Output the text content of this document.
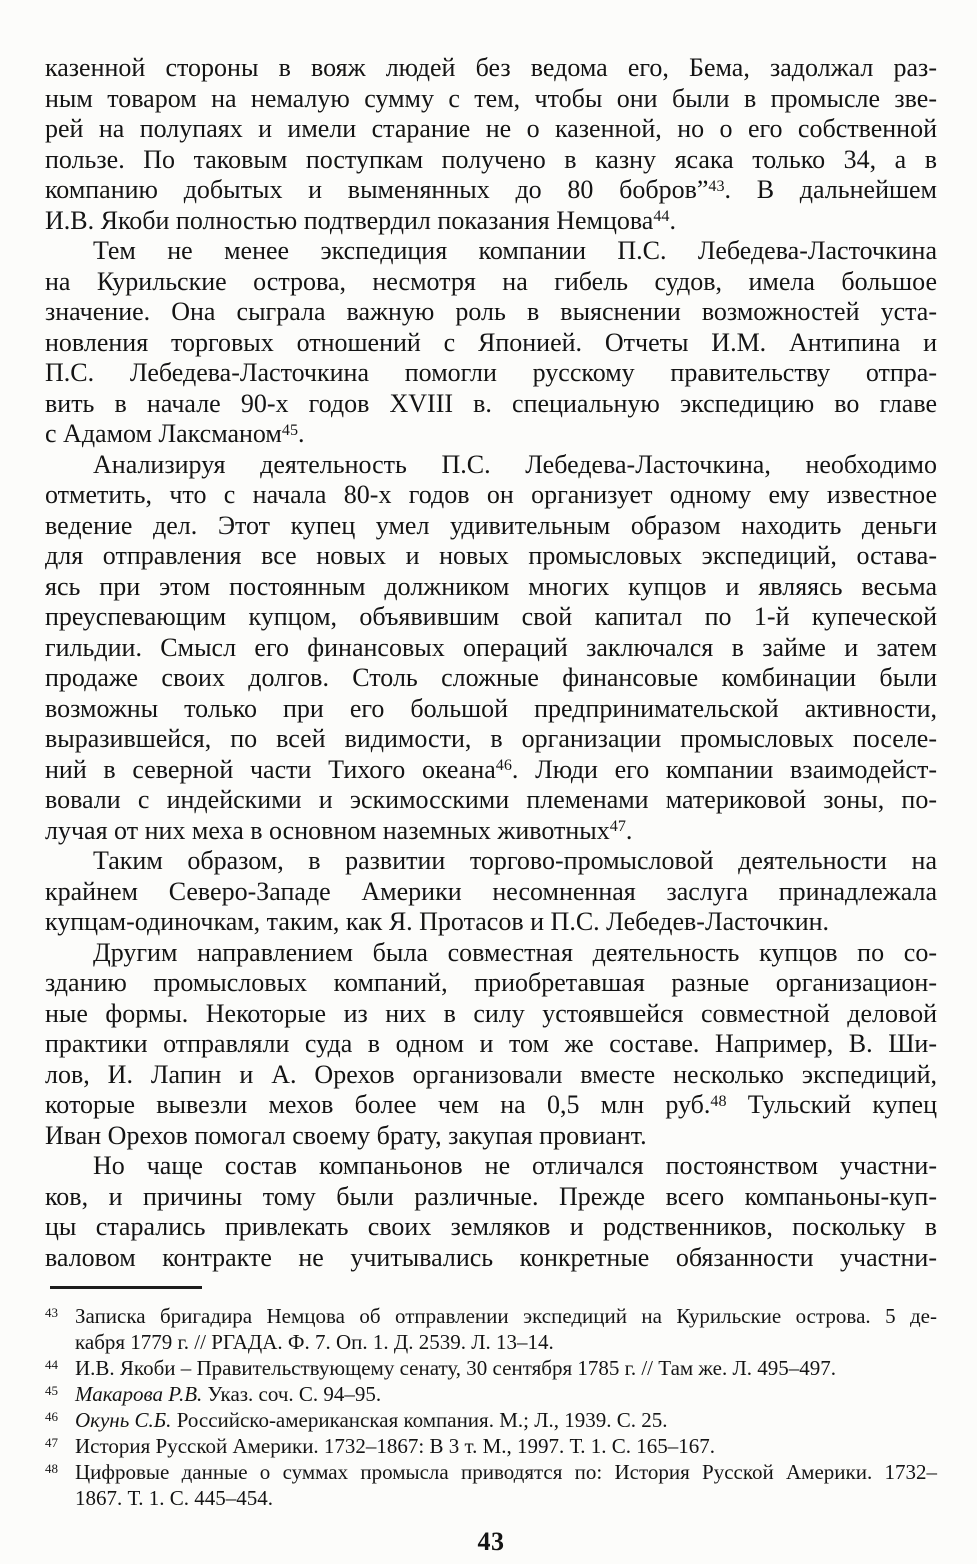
казенной стороны в вояж людей без ведома его, Бема, задолжал раз-
ным товаром на немалую сумму с тем, чтобы они были в промысле зве-
рей на полупаях и имели старание не о казенной, но о его собственной
пользе. По таковым поступкам получено в казну ясака только 34, а в
компанию добытых и выменянных до 80 бобров”$^{43}$. В дальнейшем
И.В. Якоби полностью подтвердил показания Немцова$^{44}$.
Тем не менее экспедиция компании П.С. Лебедева-Ласточкина
на Курильские острова, несмотря на гибель судов, имела большое
значение. Она сыграла важную роль в выяснении возможностей уста-
новления торговых отношений с Японией. Отчеты И.М. Антипина и
П.С. Лебедева-Ласточкина помогли русскому правительству отпра-
вить в начале 90-х годов XVIII в. специальную экспедицию во главе
с Адамом Лаксманом$^{45}$.
Анализируя деятельность П.С. Лебедева-Ласточкина, необходимо
отметить, что с начала 80-х годов он организует одному ему известное
ведение дел. Этот купец умел удивительным образом находить деньги
для отправления все новых и новых промысловых экспедиций, остава-
ясь при этом постоянным должником многих купцов и являясь весьма
преуспевающим купцом, объявившим свой капитал по 1-й купеческой
гильдии. Смысл его финансовых операций заключался в займе и затем
продаже своих долгов. Столь сложные финансовые комбинации были
возможны только при его большой предпринимательской активности,
выразившейся, по всей видимости, в организации промысловых поселе-
ний в северной части Тихого океана$^{46}$. Люди его компании взаимодейст-
вовали с индейскими и эскимосскими племенами материковой зоны, по-
лучая от них меха в основном наземных животных$^{47}$.
Таким образом, в развитии торгово-промысловой деятельности на
крайнем Северо-Западе Америки несомненная заслуга принадлежала
купцам-одиночкам, таким, как Я. Протасов и П.С. Лебедев-Ласточкин.
Другим направлением была совместная деятельность купцов по со-
зданию промысловых компаний, приобретавшая разные организацион-
ные формы. Некоторые из них в силу устоявшейся совместной деловой
практики отправляли суда в одном и том же составе. Например, В. Ши-
лов, И. Лапин и А. Орехов организовали вместе несколько экспедиций,
которые вывезли мехов более чем на 0,5 млн руб.$^{48}$ Тульский купец
Иван Орехов помогал своему брату, закупая провиант.
Но чаще состав компаньонов не отличался постоянством участни-
ков, и причины тому были различные. Прежде всего компаньоны-куп-
цы старались привлекать своих земляков и родственников, поскольку в
валовом контракте не учитывались конкретные обязанности участни-
$^{43}$ Записка бригадира Немцова об отправлении экспедиций на Курильские острова. 5 де-
кабря 1779 г. // РГАДА. Ф. 7. Оп. 1. Д. 2539. Л. 13–14.
$^{44}$ И.В. Якоби – Правительствующему сенату, 30 сентября 1785 г. // Там же. Л. 495–497.
$^{45}$ Макарова Р.В. Указ. соч. С. 94–95.
$^{46}$ Окунь С.Б. Российско-американская компания. М.; Л., 1939. С. 25.
$^{47}$ История Русской Америки. 1732–1867: В 3 т. М., 1997. Т. 1. С. 165–167.
$^{48}$ Цифровые данные о суммах промысла приводятся по: История Русской Америки. 1732–
1867. Т. 1. С. 445–454.
43
